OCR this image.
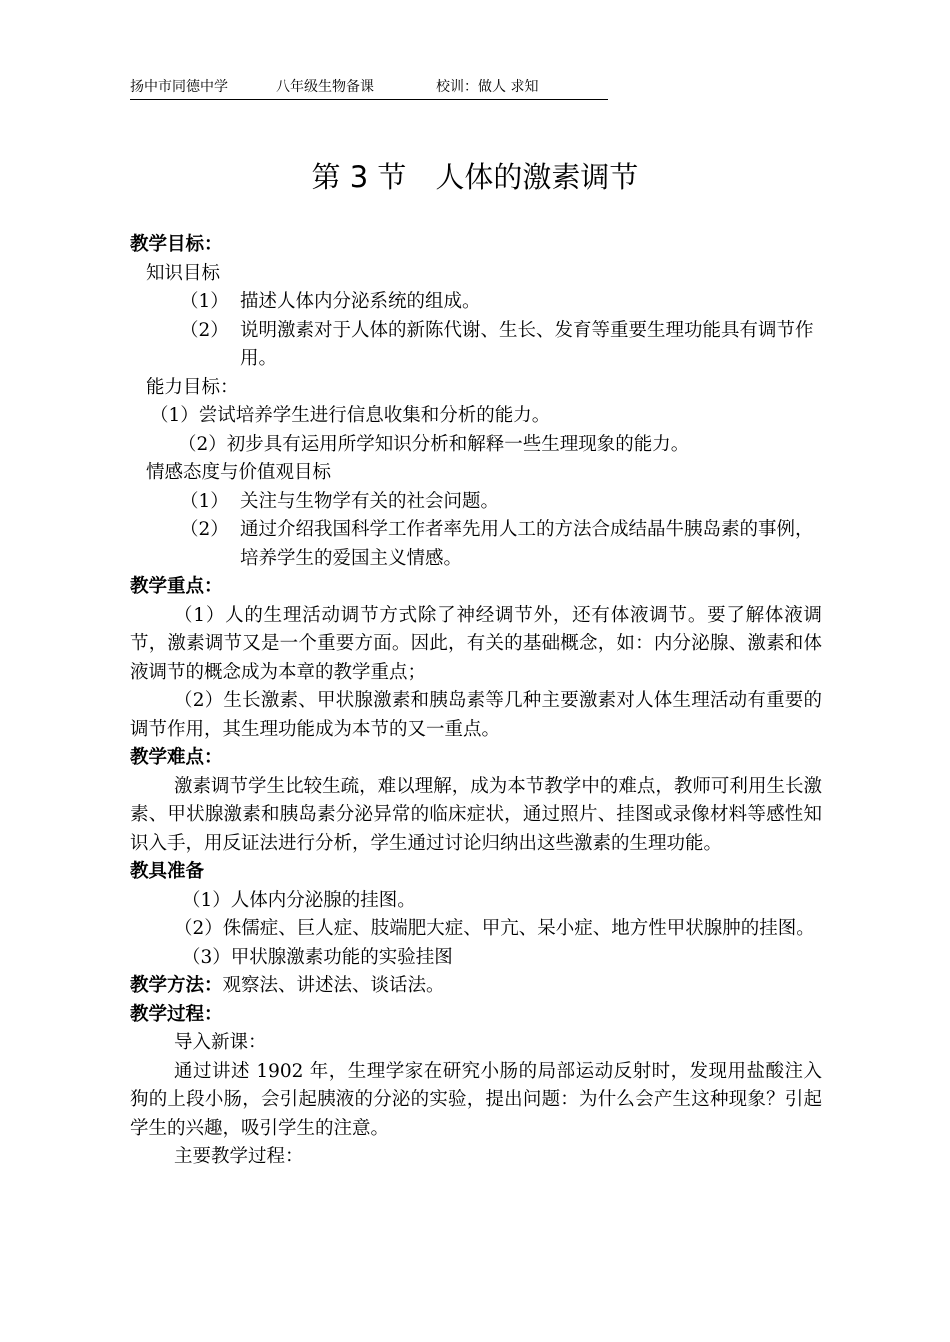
扬中市同德中学	八年级生物备课	校训：做人 求知
第 3 节　人体的激素调节

教学目标：

知识目标

（1） 描述人体内分泌系统的组成。
（2） 说明激素对于人体的新陈代谢、生长、发育等重要生理功能具有调节作用。

能力目标：

（1）尝试培养学生进行信息收集和分析的能力。

（2）初步具有运用所学知识分析和解释一些生理现象的能力。

情感态度与价值观目标

（1） 关注与生物学有关的社会问题。
（2） 通过介绍我国科学工作者率先用人工的方法合成结晶牛胰岛素的事例，培养学生的爱国主义情感。

教学重点：

（1）人的生理活动调节方式除了神经调节外，还有体液调节。要了解体液调节，激素调节又是一个重要方面。因此，有关的基础概念，如：内分泌腺、激素和体液调节的概念成为本章的教学重点；

（2）生长激素、甲状腺激素和胰岛素等几种主要激素对人体生理活动有重要的调节作用，其生理功能成为本节的又一重点。

教学难点：

激素调节学生比较生疏，难以理解，成为本节教学中的难点，教师可利用生长激素、甲状腺激素和胰岛素分泌异常的临床症状，通过照片、挂图或录像材料等感性知识入手，用反证法进行分析，学生通过讨论归纳出这些激素的生理功能。

教具准备

（1）人体内分泌腺的挂图。

（2）侏儒症、巨人症、肢端肥大症、甲亢、呆小症、地方性甲状腺肿的挂图。

（3）甲状腺激素功能的实验挂图

教学方法：观察法、讲述法、谈话法。

教学过程：

导入新课：

通过讲述 1902 年，生理学家在研究小肠的局部运动反射时，发现用盐酸注入狗的上段小肠，会引起胰液的分泌的实验，提出问题：为什么会产生这种现象？引起学生的兴趣，吸引学生的注意。

主要教学过程：
